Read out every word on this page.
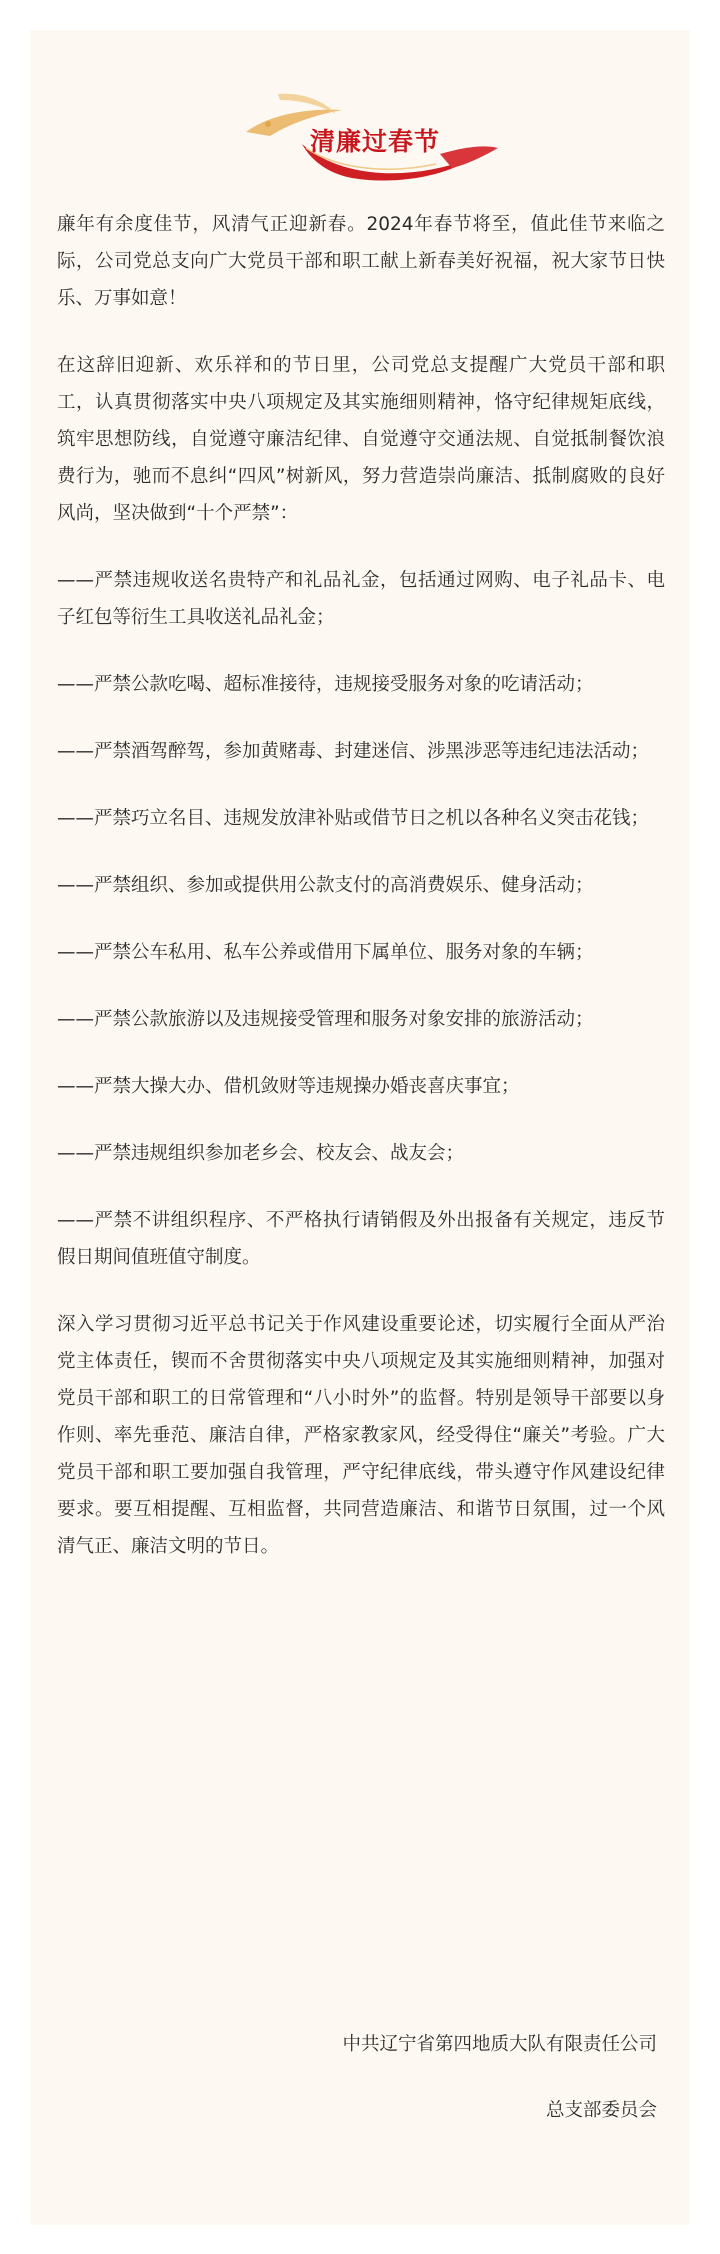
清廉过春节

廉年有余度佳节，风清气正迎新春。2024年春节将至，值此佳节来临之际，公司党总支向广大党员干部和职工献上新春美好祝福，祝大家节日快乐、万事如意！

在这辞旧迎新、欢乐祥和的节日里，公司党总支提醒广大党员干部和职工，认真贯彻落实中央八项规定及其实施细则精神，恪守纪律规矩底线，筑牢思想防线，自觉遵守廉洁纪律、自觉遵守交通法规、自觉抵制餐饮浪费行为，驰而不息纠“四风”树新风，努力营造崇尚廉洁、抵制腐败的良好风尚，坚决做到“十个严禁”：

——严禁违规收送名贵特产和礼品礼金，包括通过网购、电子礼品卡、电子红包等衍生工具收送礼品礼金；
——严禁公款吃喝、超标准接待，违规接受服务对象的吃请活动；
——严禁酒驾醉驾，参加黄赌毒、封建迷信、涉黑涉恶等违纪违法活动；
——严禁巧立名目、违规发放津补贴或借节日之机以各种名义突击花钱；
——严禁组织、参加或提供用公款支付的高消费娱乐、健身活动；
——严禁公车私用、私车公养或借用下属单位、服务对象的车辆；
——严禁公款旅游以及违规接受管理和服务对象安排的旅游活动；
——严禁大操大办、借机敛财等违规操办婚丧喜庆事宜；
——严禁违规组织参加老乡会、校友会、战友会；
——严禁不讲组织程序、不严格执行请销假及外出报备有关规定，违反节假日期间值班值守制度。

深入学习贯彻习近平总书记关于作风建设重要论述，切实履行全面从严治党主体责任，锲而不舍贯彻落实中央八项规定及其实施细则精神，加强对党员干部和职工的日常管理和“八小时外”的监督。特别是领导干部要以身作则、率先垂范、廉洁自律，严格家教家风，经受得住“廉关”考验。广大党员干部和职工要加强自我管理，严守纪律底线，带头遵守作风建设纪律要求。要互相提醒、互相监督，共同营造廉洁、和谐节日氛围，过一个风清气正、廉洁文明的节日。

中共辽宁省第四地质大队有限责任公司
总支部委员会
